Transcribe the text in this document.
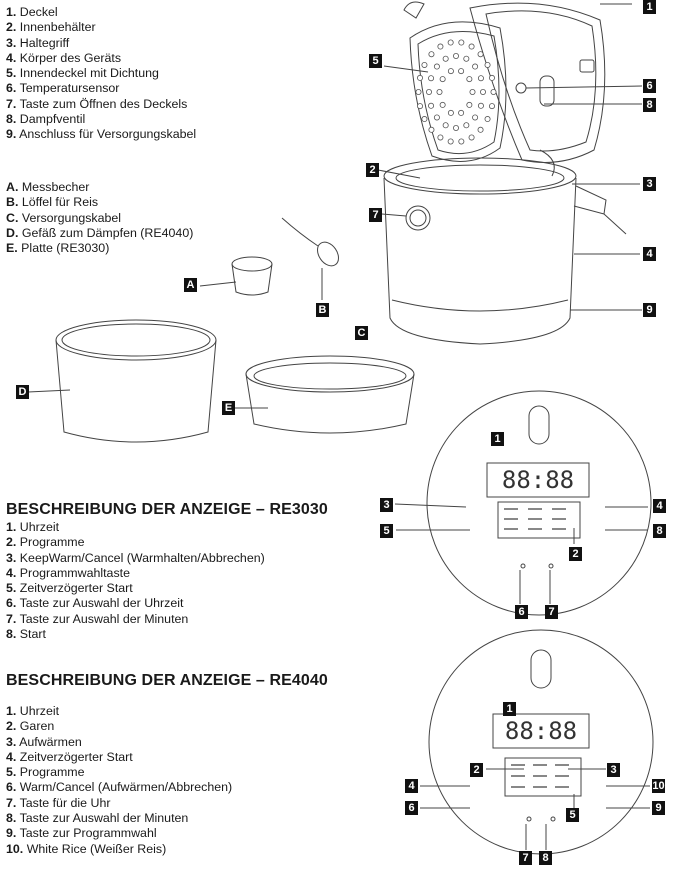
88:88
88:88
1. Deckel
2. Innenbehälter
3. Haltegriff
4. Körper des Geräts
5. Innendeckel mit Dichtung
6. Temperatursensor
7. Taste zum Öffnen des Deckels
8. Dampfventil
9. Anschluss für Versorgungskabel
A. Messbecher
B. Löffel für Reis
C. Versorgungskabel
D. Gefäß zum Dämpfen (RE4040)
E. Platte (RE3030)
BESCHREIBUNG DER ANZEIGE – RE3030
1. Uhrzeit
2. Programme
3. KeepWarm/Cancel (Warmhalten/Abbrechen)
4. Programmwahltaste
5. Zeitverzögerter Start
6. Taste zur Auswahl der Uhrzeit
7. Taste zur Auswahl der Minuten
8. Start
BESCHREIBUNG DER ANZEIGE – RE4040
1. Uhrzeit
2. Garen
3. Aufwärmen
4. Zeitverzögerter Start
5. Programme
6. Warm/Cancel (Aufwärmen/Abbrechen)
7. Taste für die Uhr
8. Taste zur Auswahl der Minuten
9. Taste zur Programmwahl
10. White Rice (Weißer Reis)
1
5
6
8
2
3
7
4
9
A
B
C
D
E
1
3	4
5	8
2
6	7
1
2	3
4	10
6	9
5
7	8
